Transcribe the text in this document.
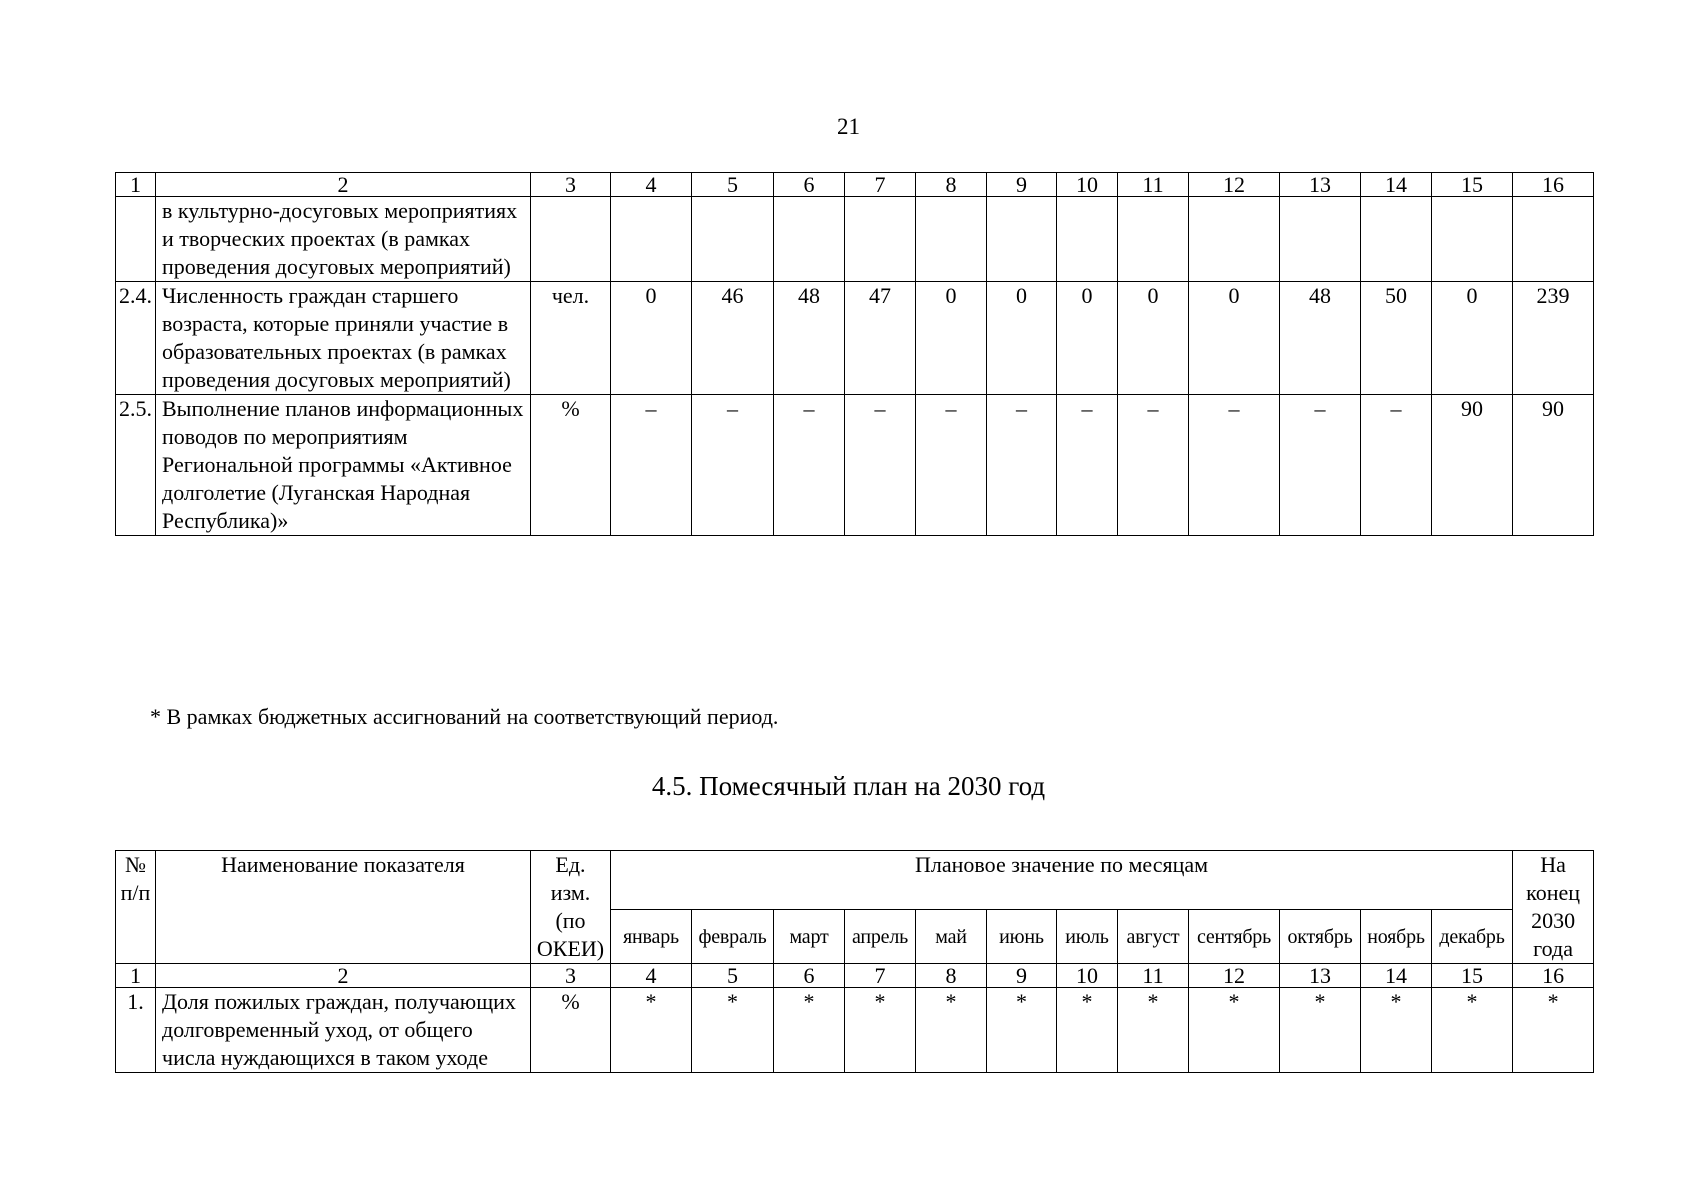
21
1	2	3	4	5	6	7	8	9	10	11	12	13	14	15	16
	в культурно-досуговых мероприятиях и творческих проектах (в рамках проведения досуговых мероприятий)														
2.4.	Численность граждан старшего возраста, которые приняли участие в образовательных проектах (в рамках проведения досуговых мероприятий)	чел.	0	46	48	47	0	0	0	0	0	48	50	0	239
2.5.	Выполнение планов информационных поводов по мероприятиям Региональной программы «Активное долголетие (Луганская Народная Республика)»	%	–	–	–	–	–	–	–	–	–	–	–	90	90
* В рамках бюджетных ассигнований на соответствующий период.
4.5. Помесячный план на 2030 год
№ п/п	Наименование показателя	Ед. изм. (по ОКЕИ)	Плановое значение по месяцам												На конец 2030 года
			январь	февраль	март	апрель	май	июнь	июль	август	сентябрь	октябрь	ноябрь	декабрь	
1	2	3	4	5	6	7	8	9	10	11	12	13	14	15	16
1.	Доля пожилых граждан, получающих долговременный уход, от общего числа нуждающихся в таком уходе	%	*	*	*	*	*	*	*	*	*	*	*	*	*
